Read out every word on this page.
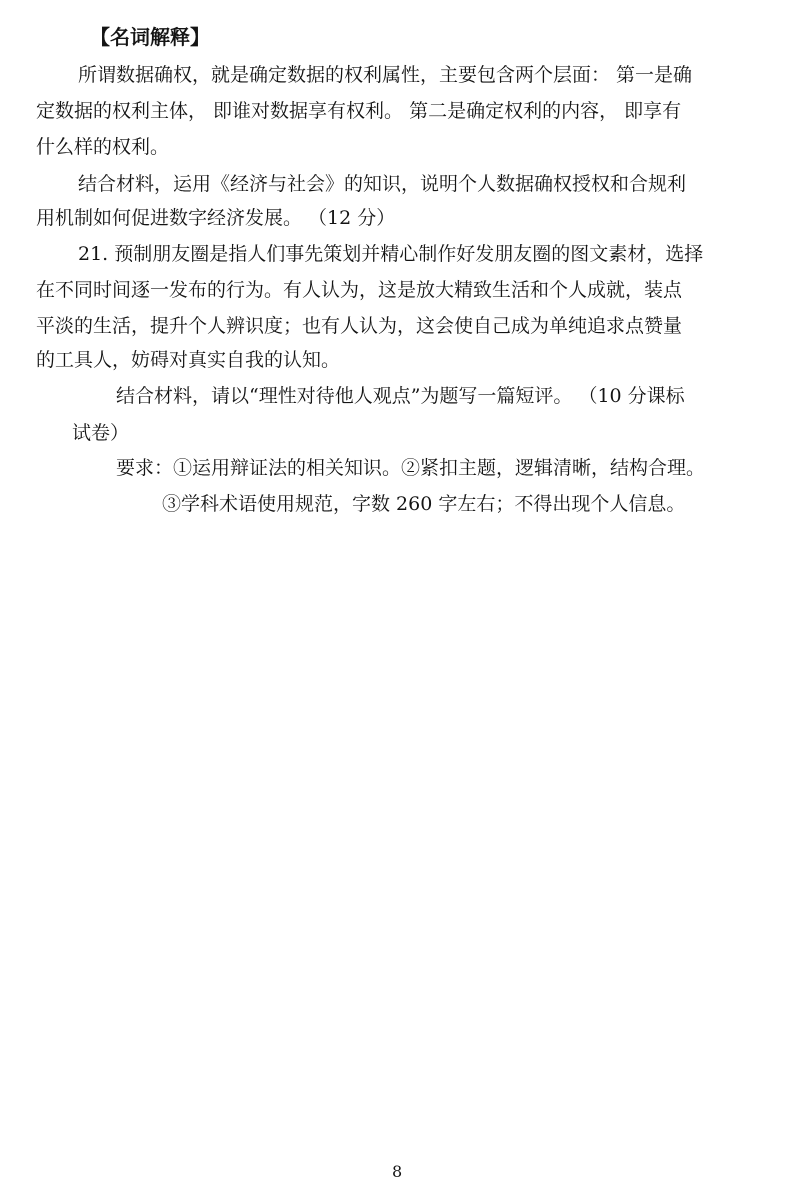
【名词解释】
所谓数据确权，就是确定数据的权利属性，主要包含两个层面： 第一是确
定数据的权利主体， 即谁对数据享有权利。 第二是确定权利的内容， 即享有
什么样的权利。
结合材料，运用《经济与社会》的知识，说明个人数据确权授权和合规利
用机制如何促进数字经济发展。 （12 分）
21. 预制朋友圈是指人们事先策划并精心制作好发朋友圈的图文素材，选择
在不同时间逐一发布的行为。有人认为，这是放大精致生活和个人成就，装点
平淡的生活，提升个人辨识度；也有人认为，这会使自己成为单纯追求点赞量
的工具人，妨碍对真实自我的认知。
结合材料，请以“理性对待他人观点”为题写一篇短评。 （10 分课标
试卷）
要求：①运用辩证法的相关知识。②紧扣主题，逻辑清晰，结构合理。
③学科术语使用规范，字数 260 字左右；不得出现个人信息。
8
